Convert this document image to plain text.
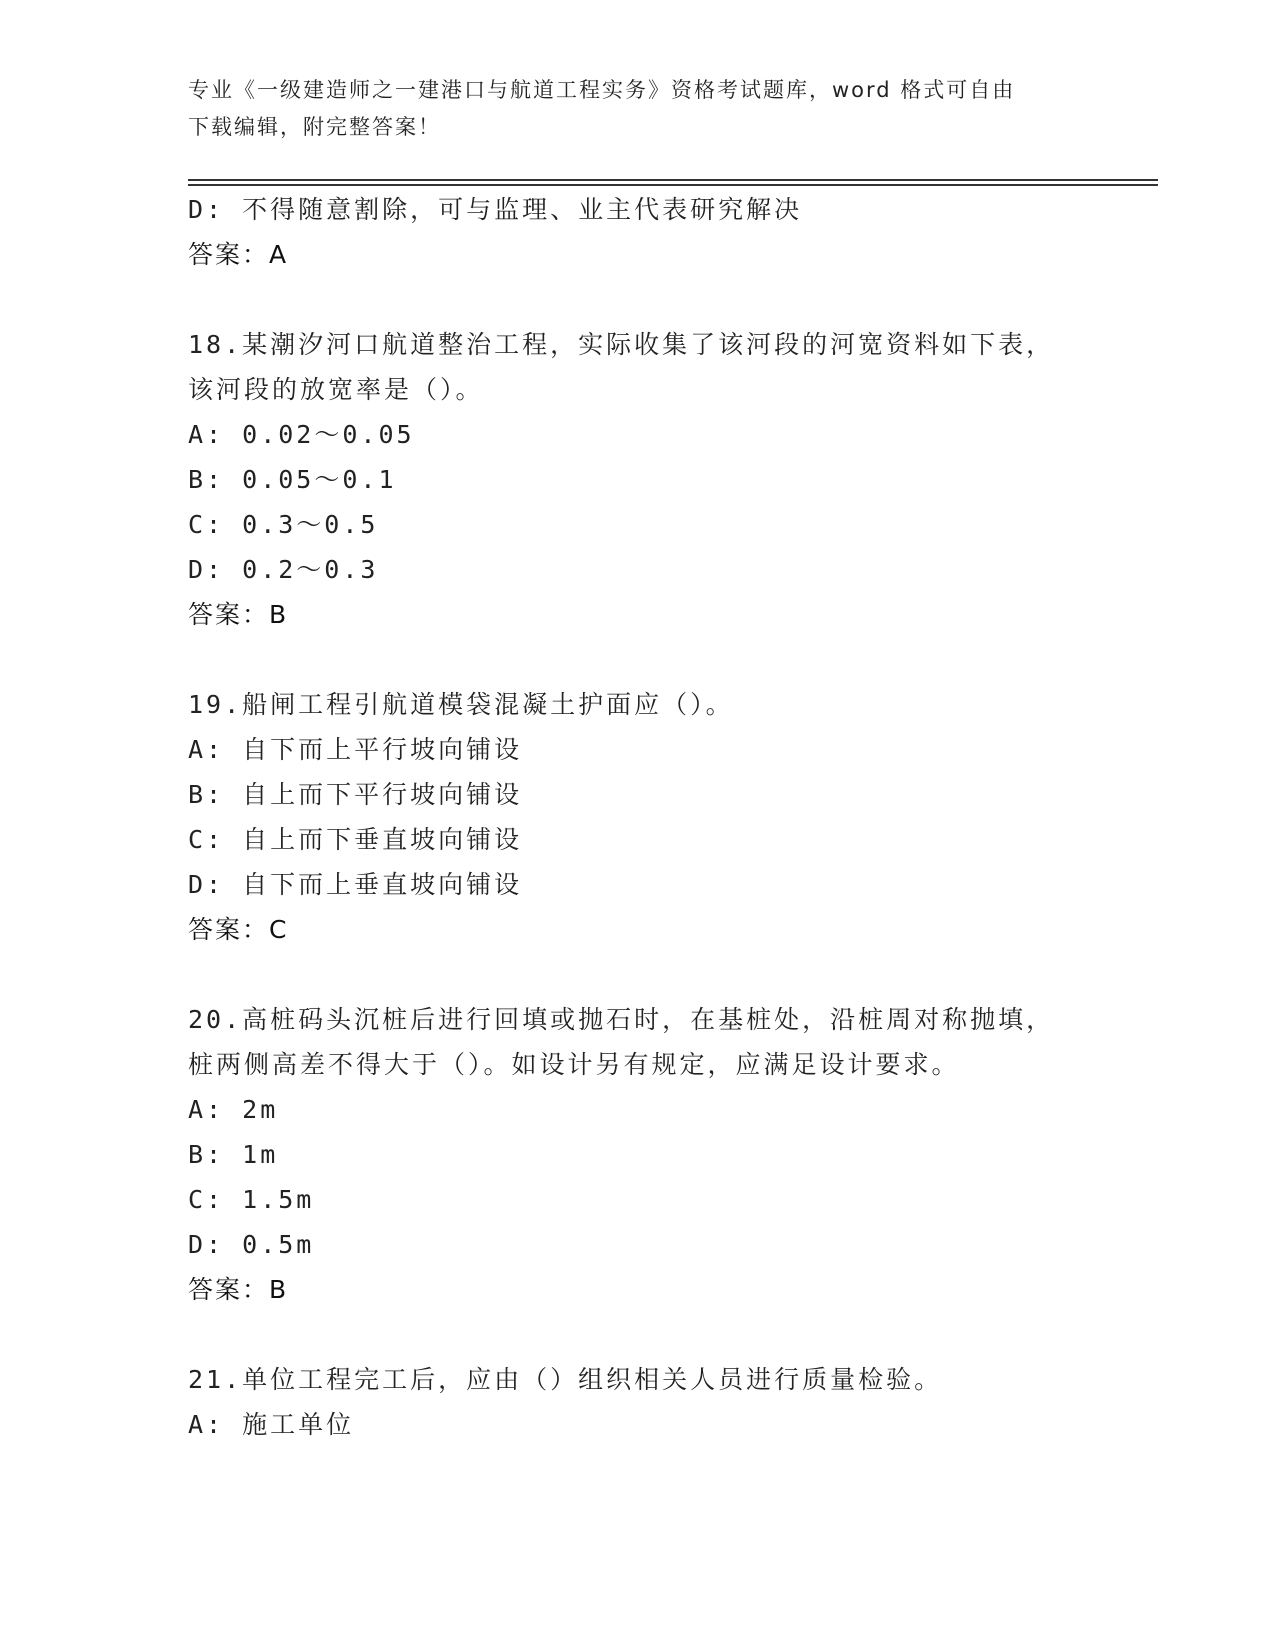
专业《一级建造师之一建港口与航道工程实务》资格考试题库，word 格式可自由
下载编辑，附完整答案！
D: 不得随意割除，可与监理、业主代表研究解决
答案：A
18.某潮汐河口航道整治工程，实际收集了该河段的河宽资料如下表，
该河段的放宽率是（）。
A: 0.02～0.05
B: 0.05～0.1
C: 0.3～0.5
D: 0.2～0.3
答案：B
19.船闸工程引航道模袋混凝土护面应（）。
A: 自下而上平行坡向铺设
B: 自上而下平行坡向铺设
C: 自上而下垂直坡向铺设
D: 自下而上垂直坡向铺设
答案：C
20.高桩码头沉桩后进行回填或抛石时，在基桩处，沿桩周对称抛填，
桩两侧高差不得大于（）。如设计另有规定，应满足设计要求。
A: 2m
B: 1m
C: 1.5m
D: 0.5m
答案：B
21.单位工程完工后，应由（）组织相关人员进行质量检验。
A: 施工单位
